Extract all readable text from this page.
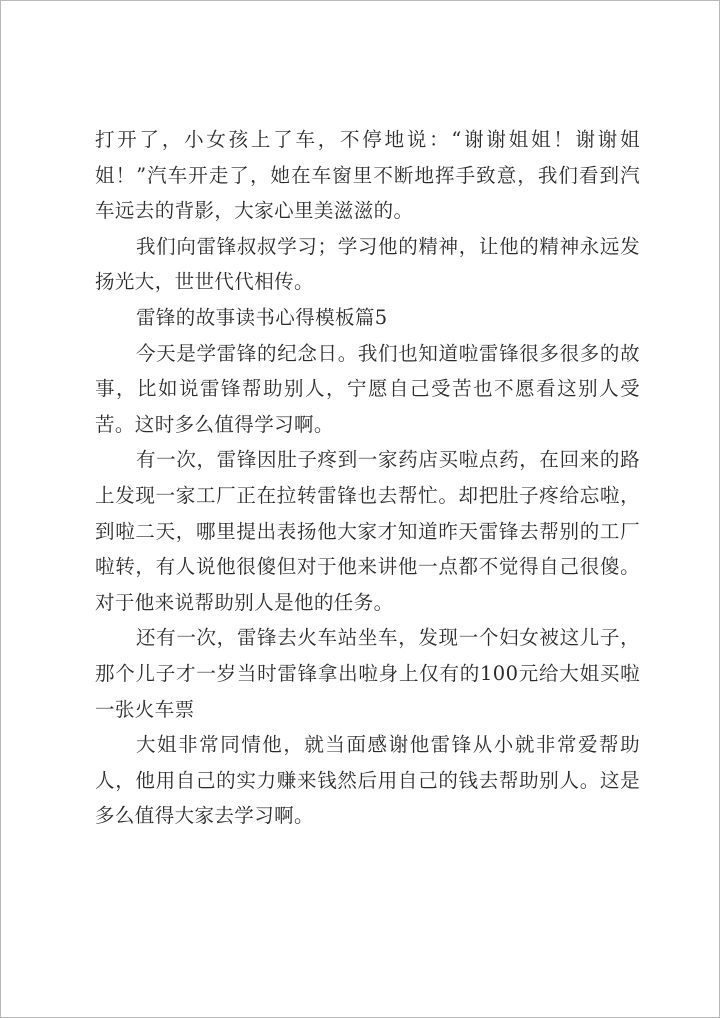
打开了，小女孩上了车，不停地说：“谢谢姐姐！谢谢姐姐！”汽车开走了，她在车窗里不断地挥手致意，我们看到汽车远去的背影，大家心里美滋滋的。

我们向雷锋叔叔学习；学习他的精神，让他的精神永远发扬光大，世世代代相传。

雷锋的故事读书心得模板篇5

今天是学雷锋的纪念日。我们也知道啦雷锋很多很多的故事，比如说雷锋帮助别人，宁愿自己受苦也不愿看这别人受苦。这时多么值得学习啊。

有一次，雷锋因肚子疼到一家药店买啦点药，在回来的路上发现一家工厂正在拉转雷锋也去帮忙。却把肚子疼给忘啦，到啦二天，哪里提出表扬他大家才知道昨天雷锋去帮别的工厂啦转，有人说他很傻但对于他来讲他一点都不觉得自己很傻。对于他来说帮助别人是他的任务。

还有一次，雷锋去火车站坐车，发现一个妇女被这儿子，那个儿子才一岁当时雷锋拿出啦身上仅有的100元给大姐买啦一张火车票

大姐非常同情他，就当面感谢他雷锋从小就非常爱帮助人，他用自己的实力赚来钱然后用自己的钱去帮助别人。这是多么值得大家去学习啊。
